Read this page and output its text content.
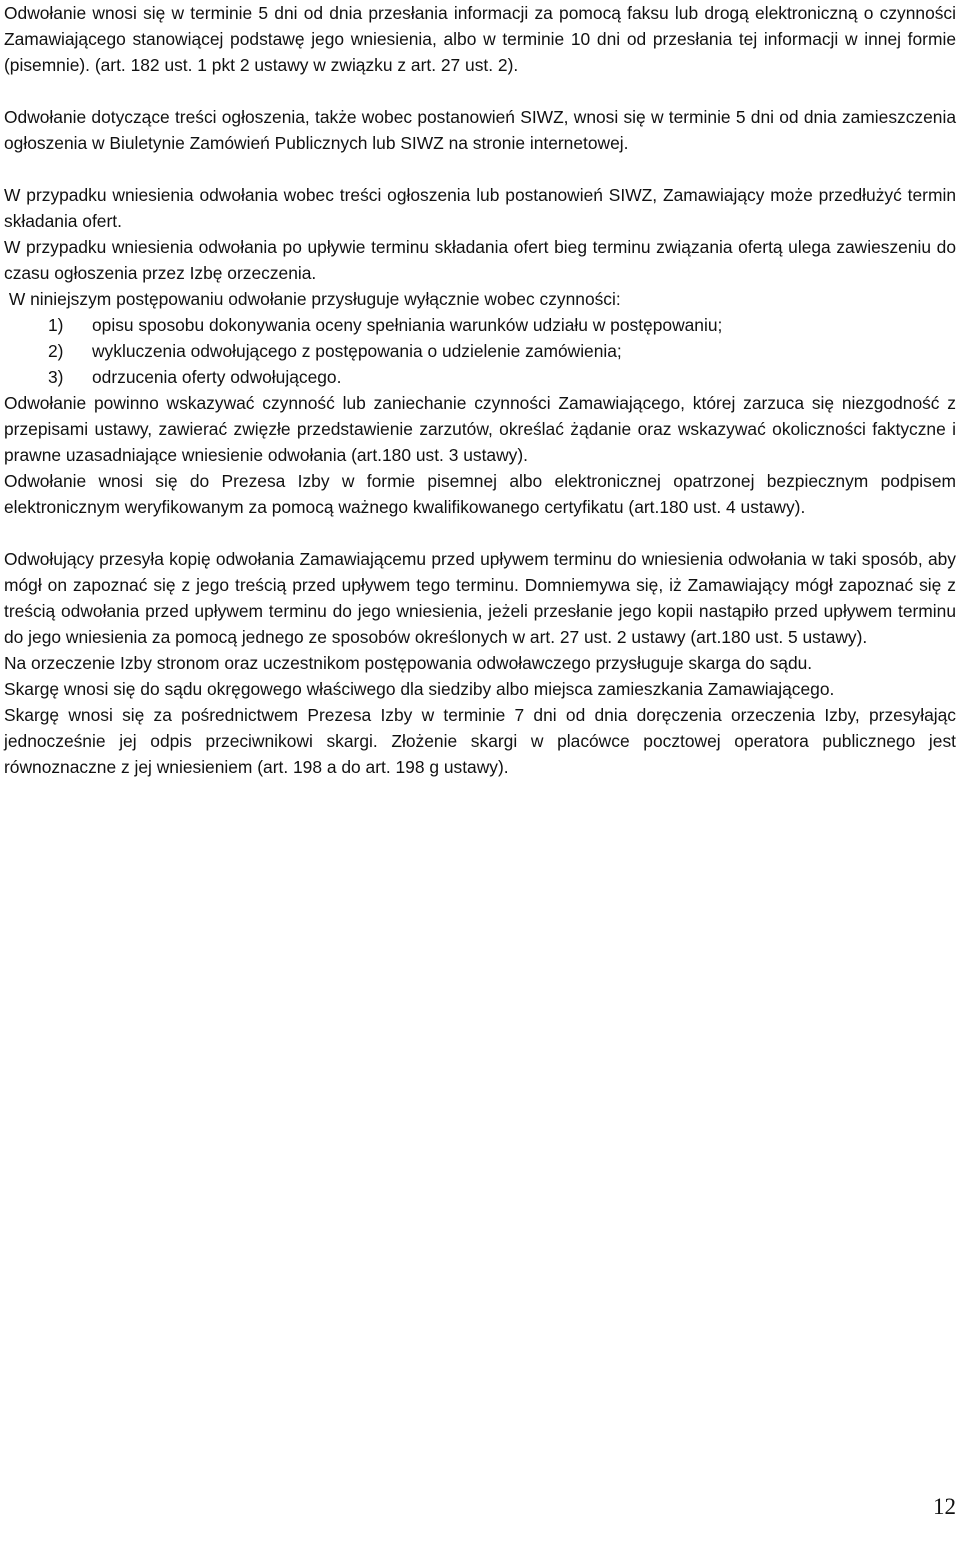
Odwołanie wnosi się w terminie 5 dni od dnia przesłania informacji za pomocą faksu lub drogą elektroniczną o czynności Zamawiającego stanowiącej podstawę jego wniesienia, albo w terminie 10 dni od przesłania tej informacji w innej formie (pisemnie). (art. 182 ust. 1 pkt 2 ustawy w związku z art. 27 ust. 2).

Odwołanie dotyczące treści ogłoszenia, także wobec postanowień SIWZ, wnosi się w terminie 5 dni od dnia zamieszczenia ogłoszenia w Biuletynie Zamówień Publicznych lub SIWZ na stronie internetowej.

W przypadku wniesienia odwołania wobec treści ogłoszenia lub postanowień SIWZ, Zamawiający może przedłużyć termin składania ofert.

W przypadku wniesienia odwołania po upływie terminu składania ofert bieg terminu związania ofertą ulega zawieszeniu do czasu ogłoszenia przez Izbę orzeczenia.

W niniejszym postępowaniu odwołanie przysługuje wyłącznie wobec czynności:

1)	opisu sposobu dokonywania oceny spełniania warunków udziału w postępowaniu;
2)	wykluczenia odwołującego z postępowania o udzielenie zamówienia;
3)	odrzucenia oferty odwołującego.

Odwołanie powinno wskazywać czynność lub zaniechanie czynności Zamawiającego, której zarzuca się niezgodność z przepisami ustawy, zawierać zwięzłe przedstawienie zarzutów, określać żądanie oraz wskazywać okoliczności faktyczne i prawne uzasadniające wniesienie odwołania (art.180 ust. 3 ustawy).

Odwołanie wnosi się do Prezesa Izby w formie pisemnej albo elektronicznej opatrzonej bezpiecznym podpisem elektronicznym weryfikowanym za pomocą ważnego kwalifikowanego certyfikatu (art.180 ust. 4 ustawy).

Odwołujący przesyła kopię odwołania Zamawiającemu przed upływem terminu do wniesienia odwołania w taki sposób, aby mógł on zapoznać się z jego treścią przed upływem tego terminu. Domniemywa się, iż Zamawiający mógł zapoznać się z treścią odwołania przed upływem terminu do jego wniesienia, jeżeli przesłanie jego kopii nastąpiło przed upływem terminu do jego wniesienia za pomocą jednego ze sposobów określonych w art. 27 ust. 2 ustawy (art.180 ust. 5 ustawy).

Na orzeczenie Izby stronom oraz uczestnikom postępowania odwoławczego przysługuje skarga do sądu.

Skargę wnosi się do sądu okręgowego właściwego dla siedziby albo miejsca zamieszkania Zamawiającego.

Skargę wnosi się za pośrednictwem Prezesa Izby w terminie 7 dni od dnia doręczenia orzeczenia Izby, przesyłając jednocześnie jej odpis przeciwnikowi skargi. Złożenie skargi w placówce pocztowej operatora publicznego jest równoznaczne z jej wniesieniem (art. 198 a do art. 198 g ustawy).

12
